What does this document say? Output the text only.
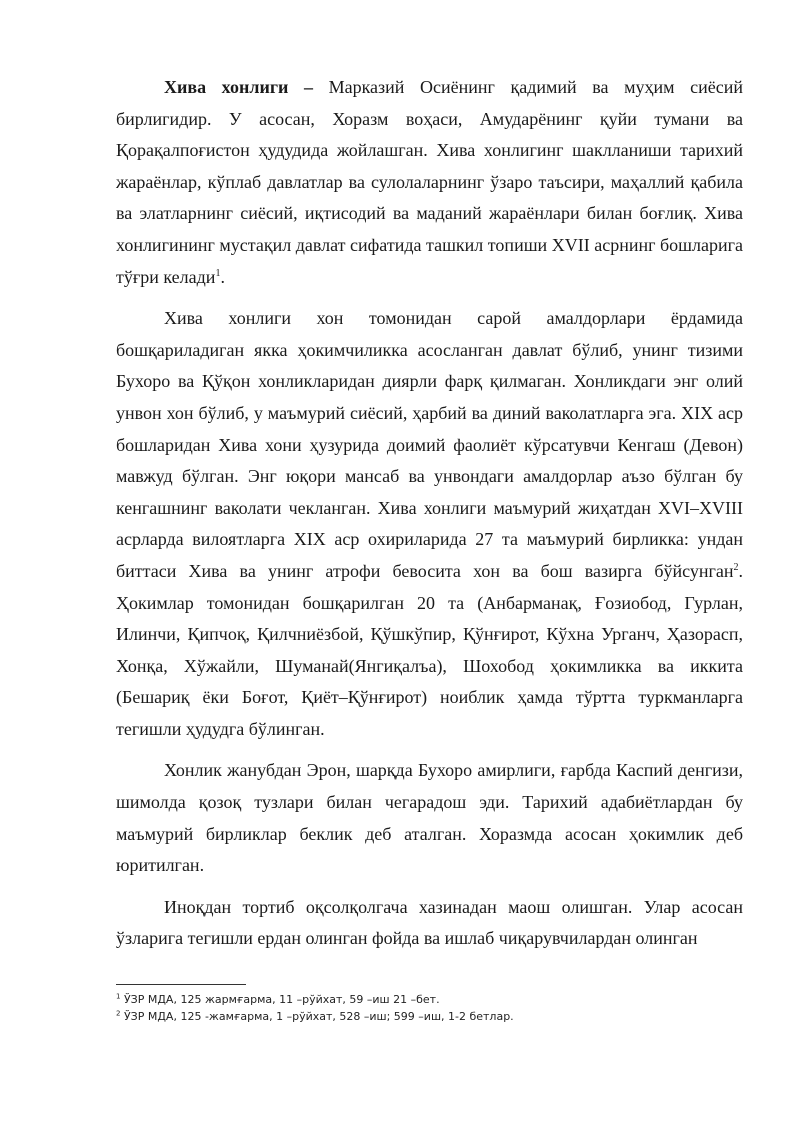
Хива хонлиги – Марказий Осиёнинг қадимий ва муҳим сиёсий бирлигидир. У асосан, Хоразм воҳаси, Амударёнинг қуйи тумани ва Қорақалпоғистон ҳудудида жойлашган. Хива хонлигинг шаклланиши тарихий жараёнлар, кўплаб давлатлар ва сулолаларнинг ўзаро таъсири, маҳаллий қабила ва элатларнинг сиёсий, иқтисодий ва маданий жараёнлари билан боғлиқ. Хива хонлигининг мустақил давлат сифатида ташкил топиши XVII асрнинг бошларига тўғри келади$^1$.

Хива хонлиги хон томонидан сарой амалдорлари ёрдамида бошқариладиган якка ҳокимчиликка асосланган давлат бўлиб, унинг тизими Бухоро ва Қўқон хонликларидан диярли фарқ қилмаган. Хонликдаги энг олий унвон хон бўлиб, у маъмурий сиёсий, ҳарбий ва диний ваколатларга эга. XIX аср бошларидан Хива хони ҳузурида доимий фаолиёт кўрсатувчи Кенгаш (Девон) мавжуд бўлган. Энг юқори мансаб ва унвондаги амалдорлар аъзо бўлган бу кенгашнинг ваколати чекланган. Хива хонлиги маъмурий жиҳатдан XVI–XVIII асрларда вилоятларга XIX аср охириларида 27 та маъмурий бирликка: ундан биттаси Хива ва унинг атрофи бевосита хон ва бош вазирга бўйсунган$^2$. Ҳокимлар томонидан бошқарилган 20 та (Анбарманақ, Ғозиобод, Гурлан, Илинчи, Қипчоқ, Қилчниёзбой, Қўшкўпир, Қўнғирот, Кўхна Урганч, Ҳазорасп, Хонқа, Хўжайли, Шуманай(Янгиқалъа), Шохобод ҳокимликка ва иккита (Бешариқ ёки Боғот, Қиёт–Қўнғирот) ноиблик ҳамда тўртта туркманларга тегишли ҳудудга бўлинган.

Хонлик жанубдан Эрон, шарқда Бухоро амирлиги, ғарбда Каспий денгизи, шимолда қозоқ тузлари билан чегарадош эди. Тарихий адабиётлардан бу маъмурий бирликлар беклик деб аталган. Хоразмда асосан ҳокимлик деб юритилган.

Иноқдан тортиб оқсолқолгача хазинадан маош олишган. Улар асосан ўзларига тегишли ердан олинган фойда ва ишлаб чиқарувчилардан олинган

$^1$ ЎЗР МДА, 125 жармғарма, 11 –рўйхат, 59 –иш 21 –бет.
$^2$ ЎЗР МДА, 125 -жамғарма, 1 –рўйхат, 528 –иш; 599 –иш, 1-2 бетлар.
